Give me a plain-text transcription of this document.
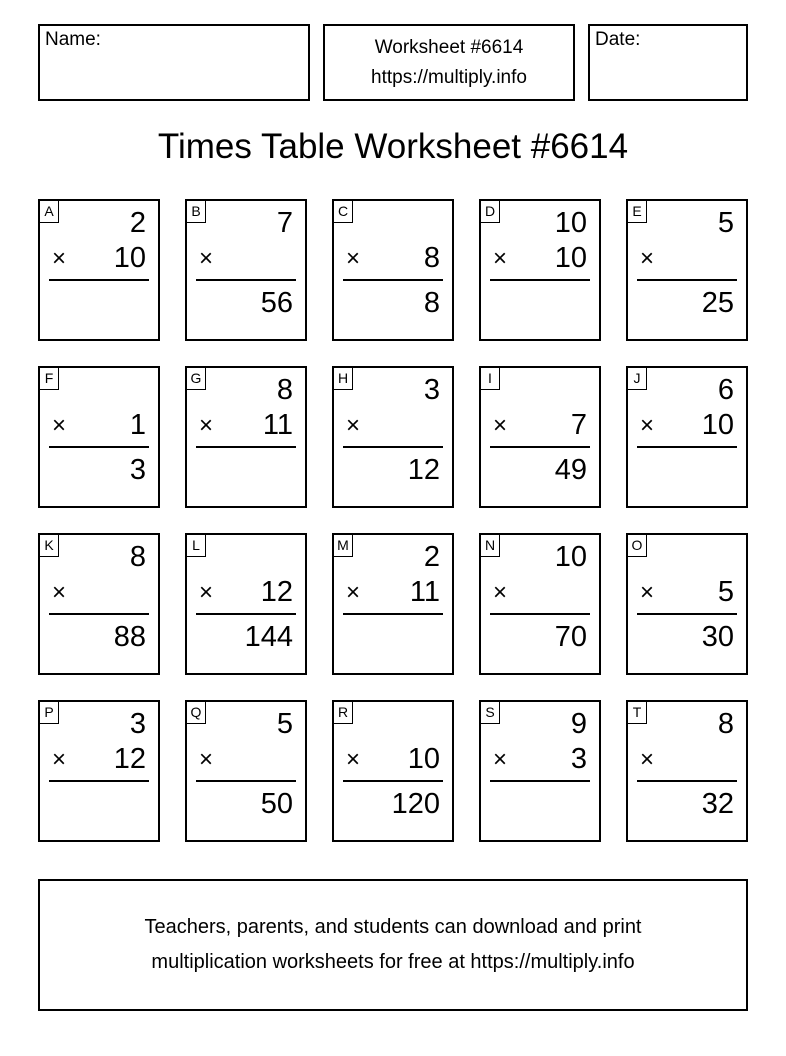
Name:	Worksheet #6614
https://multiply.info
Date:
Times Table Worksheet #6614
A	2
× 10
B	7
×
56
C
× 8
8
D 10
× 10
E	5
×
25
F
× 1
3
G	8
× 11
H	3
×
12
I
× 7
49
J	6
× 10
K	8
×
88
L
× 12
144
M	2
× 11
N 10
×
70
O
× 5
30
P	3
× 12
Q	5
×
50
R
× 10
120
S	9
× 3
T	8
×
32
Teachers, parents, and students can download and print
multiplication worksheets for free at https://multiply.info
